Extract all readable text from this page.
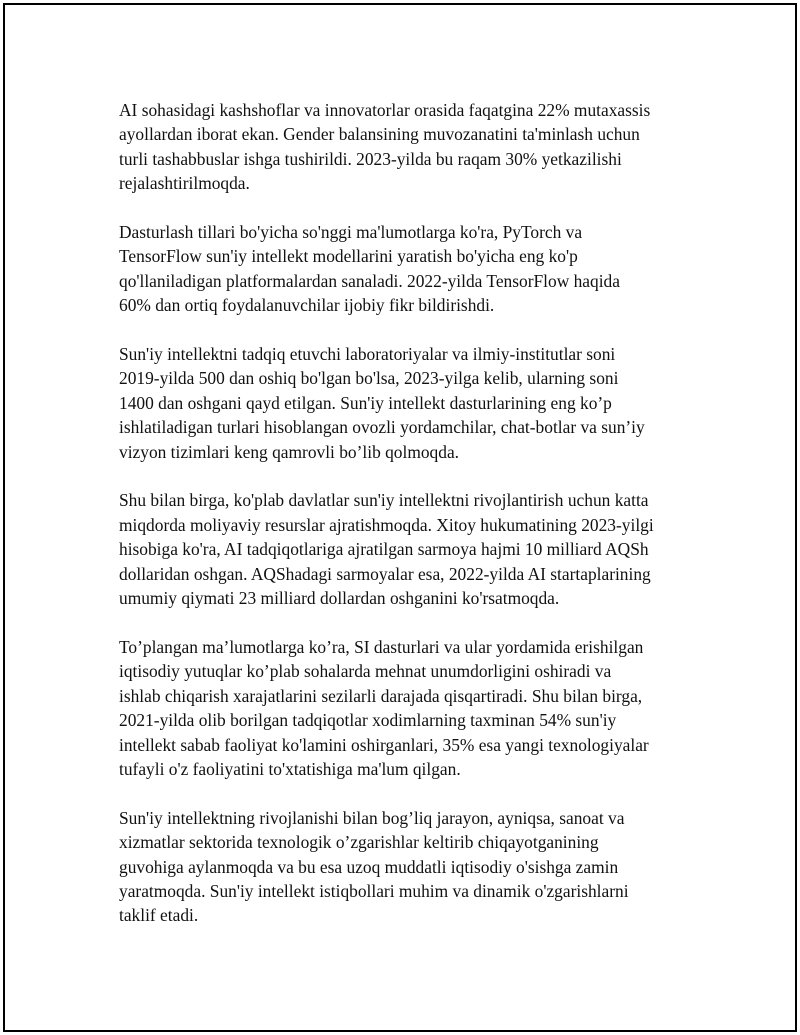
AI sohasidagi kashshoflar va innovatorlar orasida faqatgina 22% mutaxassis
ayollardan iborat ekan. Gender balansining muvozanatini ta'minlash uchun
turli tashabbuslar ishga tushirildi. 2023-yilda bu raqam 30% yetkazilishi
rejalashtirilmoqda.

Dasturlash tillari bo'yicha so'nggi ma'lumotlarga ko'ra, PyTorch va
TensorFlow sun'iy intellekt modellarini yaratish bo'yicha eng ko'p
qo'llaniladigan platformalardan sanaladi. 2022-yilda TensorFlow haqida
60% dan ortiq foydalanuvchilar ijobiy fikr bildirishdi.

Sun'iy intellektni tadqiq etuvchi laboratoriyalar va ilmiy-institutlar soni
2019-yilda 500 dan oshiq bo'lgan bo'lsa, 2023-yilga kelib, ularning soni
1400 dan oshgani qayd etilgan. Sun'iy intellekt dasturlarining eng ko’p
ishlatiladigan turlari hisoblangan ovozli yordamchilar, chat-botlar va sun’iy
vizyon tizimlari keng qamrovli bo’lib qolmoqda.

Shu bilan birga, ko'plab davlatlar sun'iy intellektni rivojlantirish uchun katta
miqdorda moliyaviy resurslar ajratishmoqda. Xitoy hukumatining 2023-yilgi
hisobiga ko'ra, AI tadqiqotlariga ajratilgan sarmoya hajmi 10 milliard AQSh
dollaridan oshgan. AQShadagi sarmoyalar esa, 2022-yilda AI startaplarining
umumiy qiymati 23 milliard dollardan oshganini ko'rsatmoqda.

To’plangan ma’lumotlarga ko’ra, SI dasturlari va ular yordamida erishilgan
iqtisodiy yutuqlar ko’plab sohalarda mehnat unumdorligini oshiradi va
ishlab chiqarish xarajatlarini sezilarli darajada qisqartiradi. Shu bilan birga,
2021-yilda olib borilgan tadqiqotlar xodimlarning taxminan 54% sun'iy
intellekt sabab faoliyat ko'lamini oshirganlari, 35% esa yangi texnologiyalar
tufayli o'z faoliyatini to'xtatishiga ma'lum qilgan.

Sun'iy intellektning rivojlanishi bilan bog’liq jarayon, ayniqsa, sanoat va
xizmatlar sektorida texnologik o’zgarishlar keltirib chiqayotganining
guvohiga aylanmoqda va bu esa uzoq muddatli iqtisodiy o'sishga zamin
yaratmoqda. Sun'iy intellekt istiqbollari muhim va dinamik o'zgarishlarni
taklif etadi.
